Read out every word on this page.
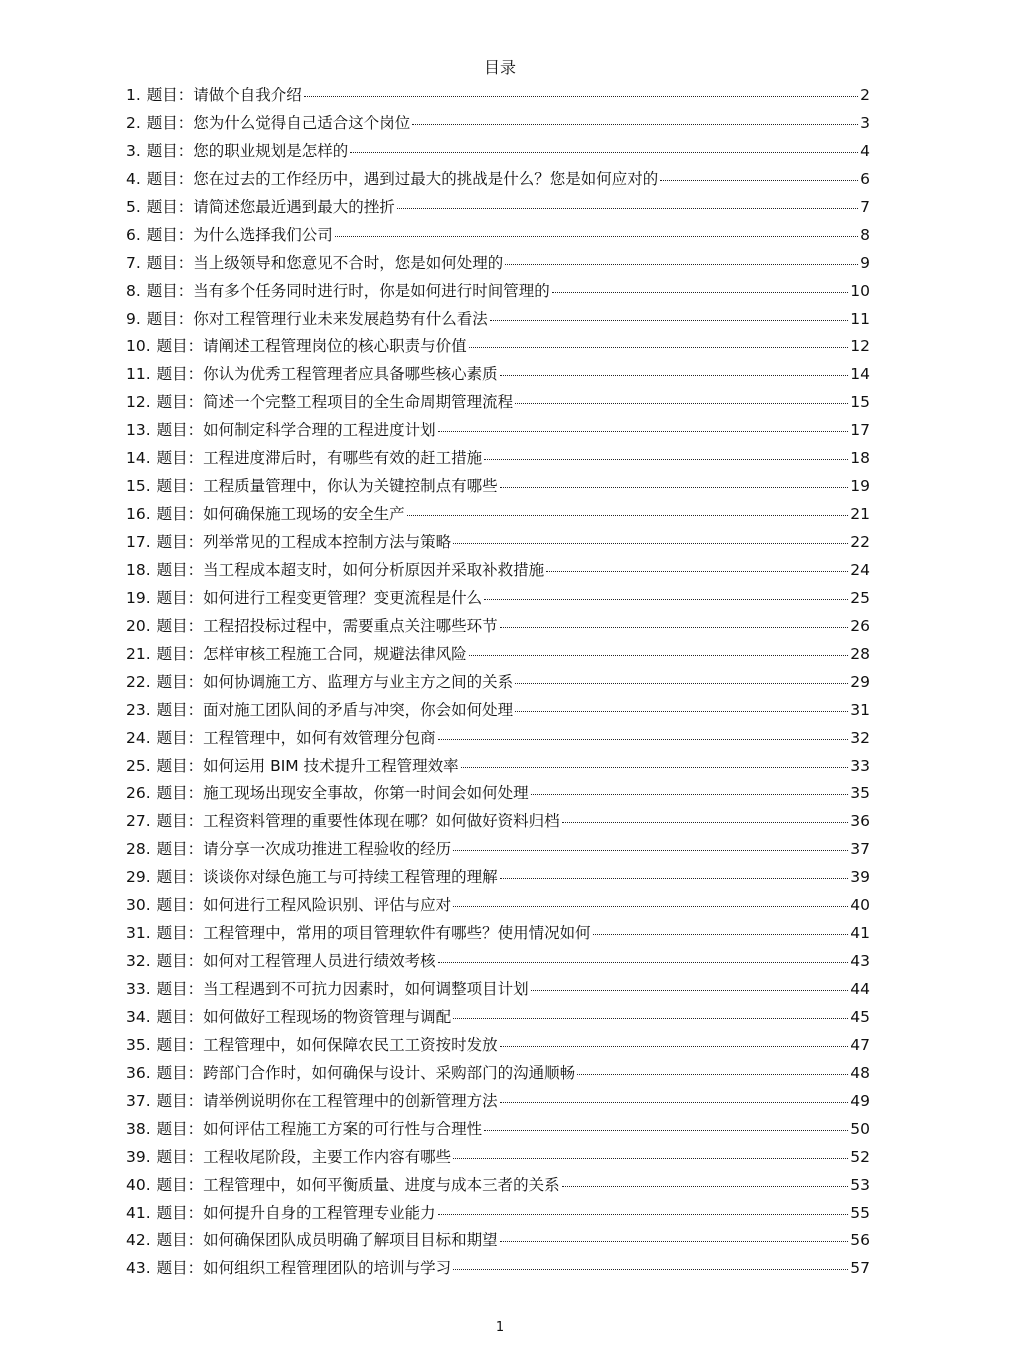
目录
1. 题目：请做个自我介绍	2
2. 题目：您为什么觉得自己适合这个岗位	3
3. 题目：您的职业规划是怎样的	4
4. 题目：您在过去的工作经历中，遇到过最大的挑战是什么？您是如何应对的	6
5. 题目：请简述您最近遇到最大的挫折	7
6. 题目：为什么选择我们公司	8
7. 题目：当上级领导和您意见不合时，您是如何处理的	9
8. 题目：当有多个任务同时进行时，你是如何进行时间管理的	10
9. 题目：你对工程管理行业未来发展趋势有什么看法	11
10. 题目：请阐述工程管理岗位的核心职责与价值	12
11. 题目：你认为优秀工程管理者应具备哪些核心素质	14
12. 题目：简述一个完整工程项目的全生命周期管理流程	15
13. 题目：如何制定科学合理的工程进度计划	17
14. 题目：工程进度滞后时，有哪些有效的赶工措施	18
15. 题目：工程质量管理中，你认为关键控制点有哪些	19
16. 题目：如何确保施工现场的安全生产	21
17. 题目：列举常见的工程成本控制方法与策略	22
18. 题目：当工程成本超支时，如何分析原因并采取补救措施	24
19. 题目：如何进行工程变更管理？变更流程是什么	25
20. 题目：工程招投标过程中，需要重点关注哪些环节	26
21. 题目：怎样审核工程施工合同，规避法律风险	28
22. 题目：如何协调施工方、监理方与业主方之间的关系	29
23. 题目：面对施工团队间的矛盾与冲突，你会如何处理	31
24. 题目：工程管理中，如何有效管理分包商	32
25. 题目：如何运用 BIM 技术提升工程管理效率	33
26. 题目：施工现场出现安全事故，你第一时间会如何处理	35
27. 题目：工程资料管理的重要性体现在哪？如何做好资料归档	36
28. 题目：请分享一次成功推进工程验收的经历	37
29. 题目：谈谈你对绿色施工与可持续工程管理的理解	39
30. 题目：如何进行工程风险识别、评估与应对	40
31. 题目：工程管理中，常用的项目管理软件有哪些？使用情况如何	41
32. 题目：如何对工程管理人员进行绩效考核	43
33. 题目：当工程遇到不可抗力因素时，如何调整项目计划	44
34. 题目：如何做好工程现场的物资管理与调配	45
35. 题目：工程管理中，如何保障农民工工资按时发放	47
36. 题目：跨部门合作时，如何确保与设计、采购部门的沟通顺畅	48
37. 题目：请举例说明你在工程管理中的创新管理方法	49
38. 题目：如何评估工程施工方案的可行性与合理性	50
39. 题目：工程收尾阶段，主要工作内容有哪些	52
40. 题目：工程管理中，如何平衡质量、进度与成本三者的关系	53
41. 题目：如何提升自身的工程管理专业能力	55
42. 题目：如何确保团队成员明确了解项目目标和期望	56
43. 题目：如何组织工程管理团队的培训与学习	57
1
